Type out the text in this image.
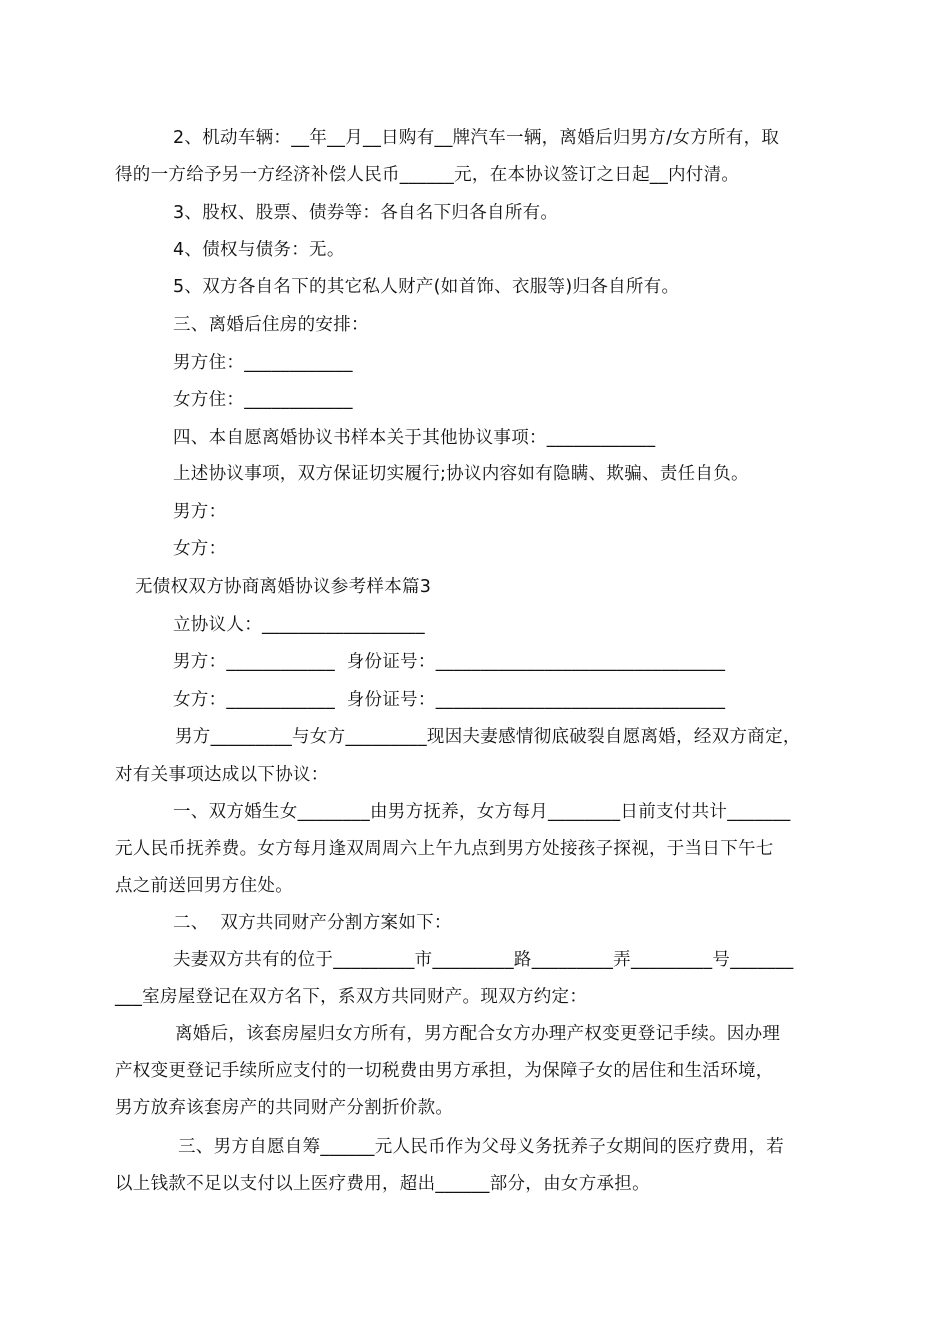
2、机动车辆：__年__月__日购有__牌汽车一辆，离婚后归男方/女方所有，取
得的一方给予另一方经济补偿人民币______元，在本协议签订之日起__内付清。
3、股权、股票、债券等：各自名下归各自所有。
4、债权与债务：无。
5、双方各自名下的其它私人财产(如首饰、衣服等)归各自所有。
三、离婚后住房的安排：
男方住：____________
女方住：____________
四、本自愿离婚协议书样本关于其他协议事项：____________
上述协议事项，双方保证切实履行;协议内容如有隐瞒、欺骗、责任自负。
男方：
女方：
无债权双方协商离婚协议参考样本篇3
立协议人：__________________
男方：____________  身份证号：________________________________
女方：____________  身份证号：________________________________
男方_________与女方_________现因夫妻感情彻底破裂自愿离婚，经双方商定，
对有关事项达成以下协议：
一、双方婚生女________由男方抚养，女方每月________日前支付共计_______
元人民币抚养费。女方每月逢双周周六上午九点到男方处接孩子探视，于当日下午七
点之前送回男方住处。
二、  双方共同财产分割方案如下：
夫妻双方共有的位于_________市_________路_________弄_________号_______
___室房屋登记在双方名下，系双方共同财产。现双方约定：
离婚后，该套房屋归女方所有，男方配合女方办理产权变更登记手续。因办理
产权变更登记手续所应支付的一切税费由男方承担，为保障子女的居住和生活环境，
男方放弃该套房产的共同财产分割折价款。
三、男方自愿自筹______元人民币作为父母义务抚养子女期间的医疗费用，若
以上钱款不足以支付以上医疗费用，超出______部分，由女方承担。
